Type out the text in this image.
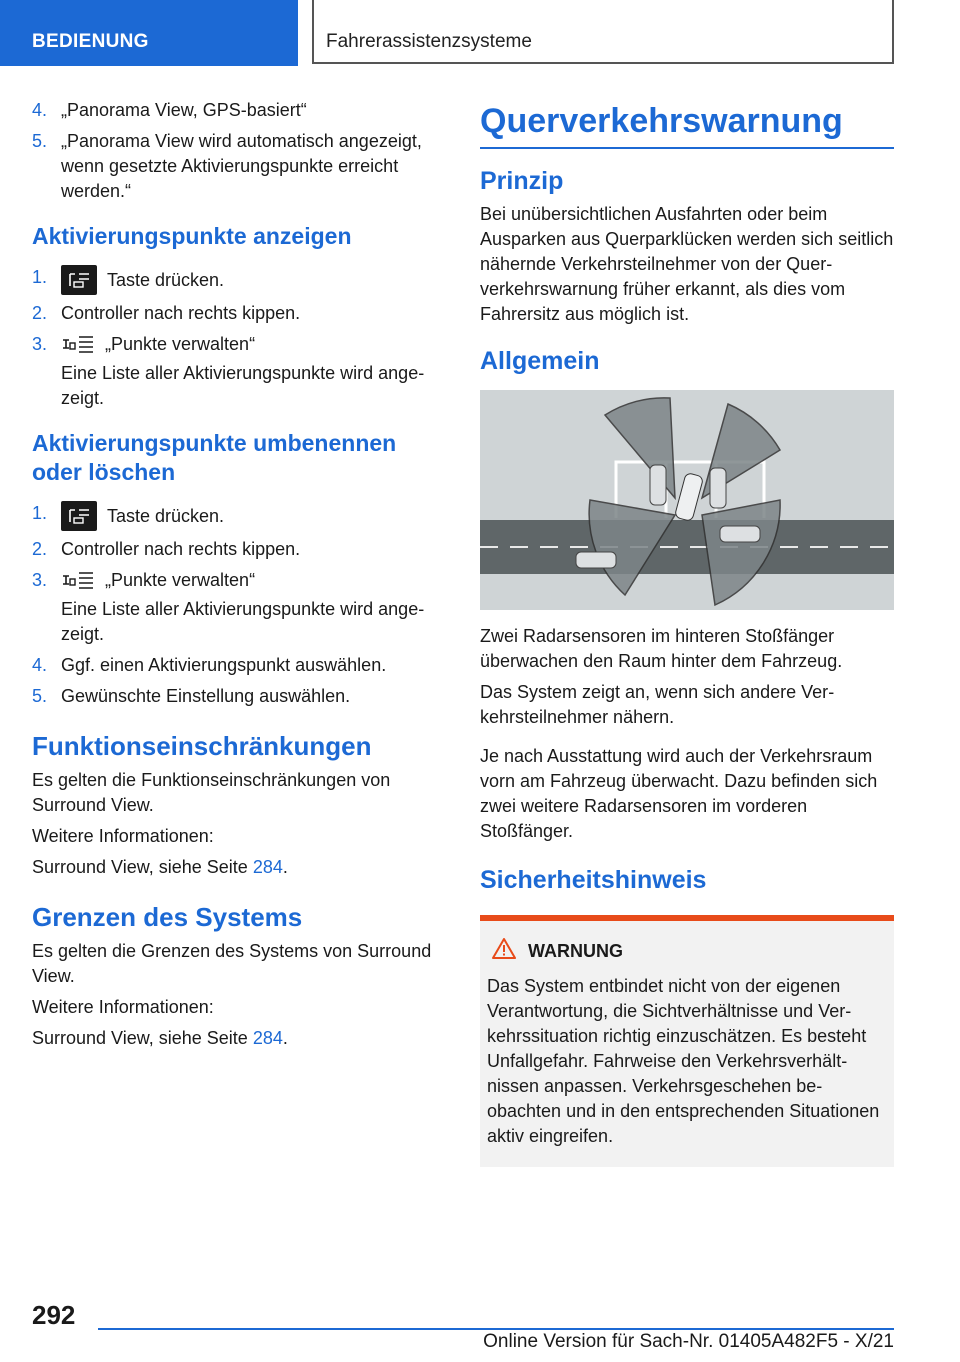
BEDIENUNG	Fahrerassistenzsysteme
4. „Panorama View, GPS-basiert“
5. „Panorama View wird automatisch angezeigt, wenn gesetzte Aktivierungspunkte erreicht werden.“
Aktivierungspunkte anzeigen
1.	Taste drücken.
2. Controller nach rechts kippen.
3.	„Punkte verwalten“

Eine Liste aller Aktivierungspunkte wird angezeigt.

Aktivierungspunkte umbenennen oder löschen
1.	Taste drücken.
2. Controller nach rechts kippen.
3.	„Punkte verwalten“

Eine Liste aller Aktivierungspunkte wird angezeigt.

4. Ggf. einen Aktivierungspunkt auswählen.
5. Gewünschte Einstellung auswählen.
Funktionseinschränkungen

Es gelten die Funktionseinschränkungen von Surround View.

Weitere Informationen:

Surround View, siehe Seite 284.

Grenzen des Systems

Es gelten die Grenzen des Systems von Surround View.

Weitere Informationen:

Surround View, siehe Seite 284.

Querverkehrswarnung
Prinzip

Bei unübersichtlichen Ausfahrten oder beim Ausparken aus Querparklücken werden sich seitlich nähernde Verkehrsteilnehmer von der Querverkehrswarnung früher erkannt, als dies vom Fahrersitz aus möglich ist.

Allgemein

Zwei Radarsensoren im hinteren Stoßfänger überwachen den Raum hinter dem Fahrzeug.

Das System zeigt an, wenn sich andere Verkehrsteilnehmer nähern.

Je nach Ausstattung wird auch der Verkehrsraum vorn am Fahrzeug überwacht. Dazu befinden sich zwei weitere Radarsensoren im vorderen Stoßfänger.

Sicherheitshinweis
WARNUNG

Das System entbindet nicht von der eigenen Verantwortung, die Sichtverhältnisse und Verkehrssituation richtig einzuschätzen. Es besteht Unfallgefahr. Fahrweise den Verkehrsverhältnissen anpassen. Verkehrsgeschehen beobachten und in den entsprechenden Situationen aktiv eingreifen.

292
Online Version für Sach-Nr. 01405A482F5 - X/21
